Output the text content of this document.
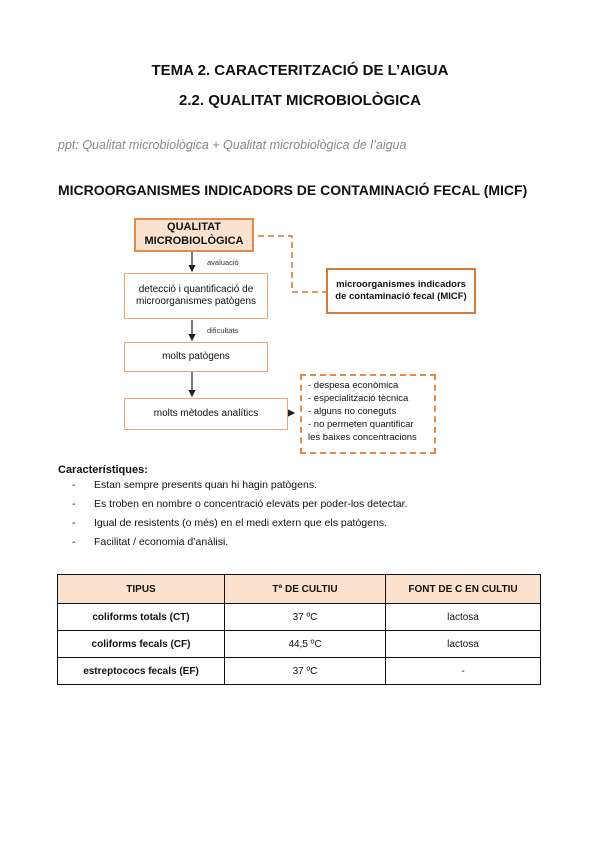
TEMA 2. CARACTERITZACIÓ DE L’AIGUA
2.2. QUALITAT MICROBIOLÒGICA
ppt: Qualitat microbiològica + Qualitat microbiològica de l’aigua
MICROORGANISMES INDICADORS DE CONTAMINACIÓ FECAL (MICF)
QUALITAT MICROBIOLÒGICA
avaluació
detecció i quantificació de microorganismes patògens
dificultats
molts patògens
molts mètodes analítics
microorganismes indicadors de contaminació fecal (MICF)
- despesa econòmica
- especialització tècnica
- alguns no coneguts
- no permeten quantificar
les baixes concentracions
Característiques:
- Estan sempre presents quan hi hagin patògens.
- Es troben en nombre o concentració elevats per poder-los detectar.
- Igual de resistents (o més) en el medi extern que els patògens.
- Facilitat / economia d’anàlisi.
TIPUS	Tª DE CULTIU	FONT DE C EN CULTIU
coliforms totals (CT)	37 ºC	lactosa
coliforms fecals (CF)	44,5 ºC	lactosa
estreptococs fecals (EF)	37 ºC	-
